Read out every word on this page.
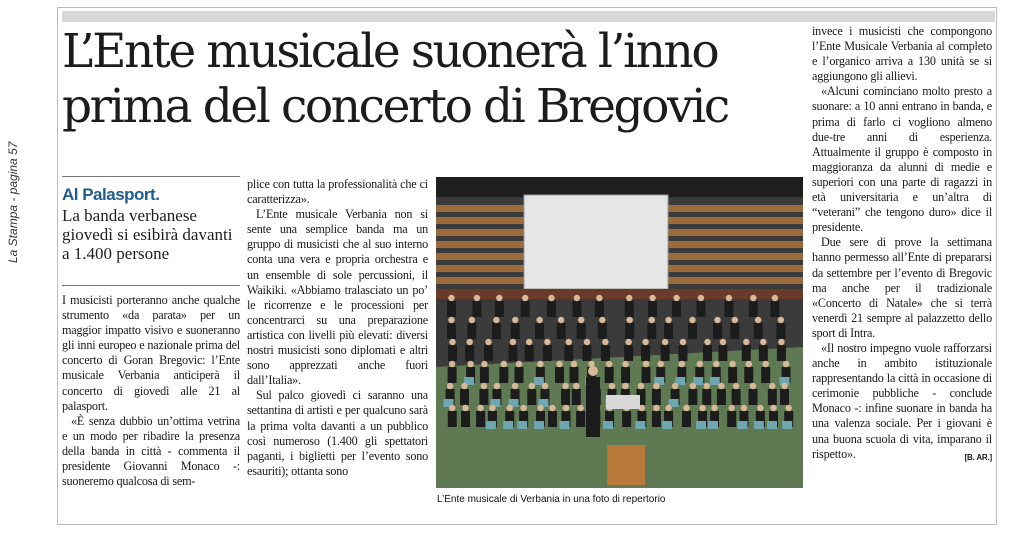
La Stampa - pagina 57
L’Ente musicale suonerà l’inno prima del concerto di Bregovic
Al Palasport.
La banda verbanese giovedì si esibirà davanti a 1.400 persone

I musicisti porteranno anche qualche strumento «da parata» per un maggior impatto visivo e suoneranno gli inni europeo e nazionale prima del concerto di Goran Bregovic: l’Ente musicale Verbania anticiperà il concerto di giovedì alle 21 al palasport.

«È senza dubbio un’ottima vetrina e un modo per ribadire la presenza della banda in città - commenta il presidente Giovanni Monaco -: suoneremo qualcosa di sem-

plice con tutta la professionalità che ci caratterizza».

L’Ente musicale Verbania non si sente una semplice banda ma un gruppo di musicisti che al suo interno conta una vera e propria orchestra e un ensemble di sole percussioni, il Waikiki. «Abbiamo tralasciato un po’ le ricorrenze e le processioni per concentrarci su una preparazione artistica con livelli più elevati: diversi nostri musicisti sono diplomati e altri sono apprezzati anche fuori dall’Italia».

Sul palco giovedì ci saranno una settantina di artisti e per qualcuno sarà la prima volta davanti a un pubblico così numeroso (1.400 gli spettatori paganti, i biglietti per l’evento sono esauriti); ottanta sono

L’Ente musicale di Verbania in una foto di repertorio

invece i musicisti che compongono l’Ente Musicale Verbania al completo e l’organico arriva a 130 unità se si aggiungono gli allievi.

«Alcuni cominciano molto presto a suonare: a 10 anni entrano in banda, e prima di farlo ci vogliono almeno due-tre anni di esperienza. Attualmente il gruppo è composto in maggioranza da alunni di medie e superiori con una parte di ragazzi in età universitaria e un’altra di “veterani” che tengono duro» dice il presidente.

Due sere di prove la settimana hanno permesso all’Ente di prepararsi da settembre per l’evento di Bregovic ma anche per il tradizionale «Concerto di Natale» che si terrà venerdì 21 sempre al palazzetto dello sport di Intra.

«Il nostro impegno vuole rafforzarsi anche in ambito istituzionale rappresentando la città in occasione di cerimonie pubbliche - conclude Monaco -: infine suonare in banda ha una valenza sociale. Per i giovani è una buona scuola di vita, imparano il rispetto».	[B. AR.]
